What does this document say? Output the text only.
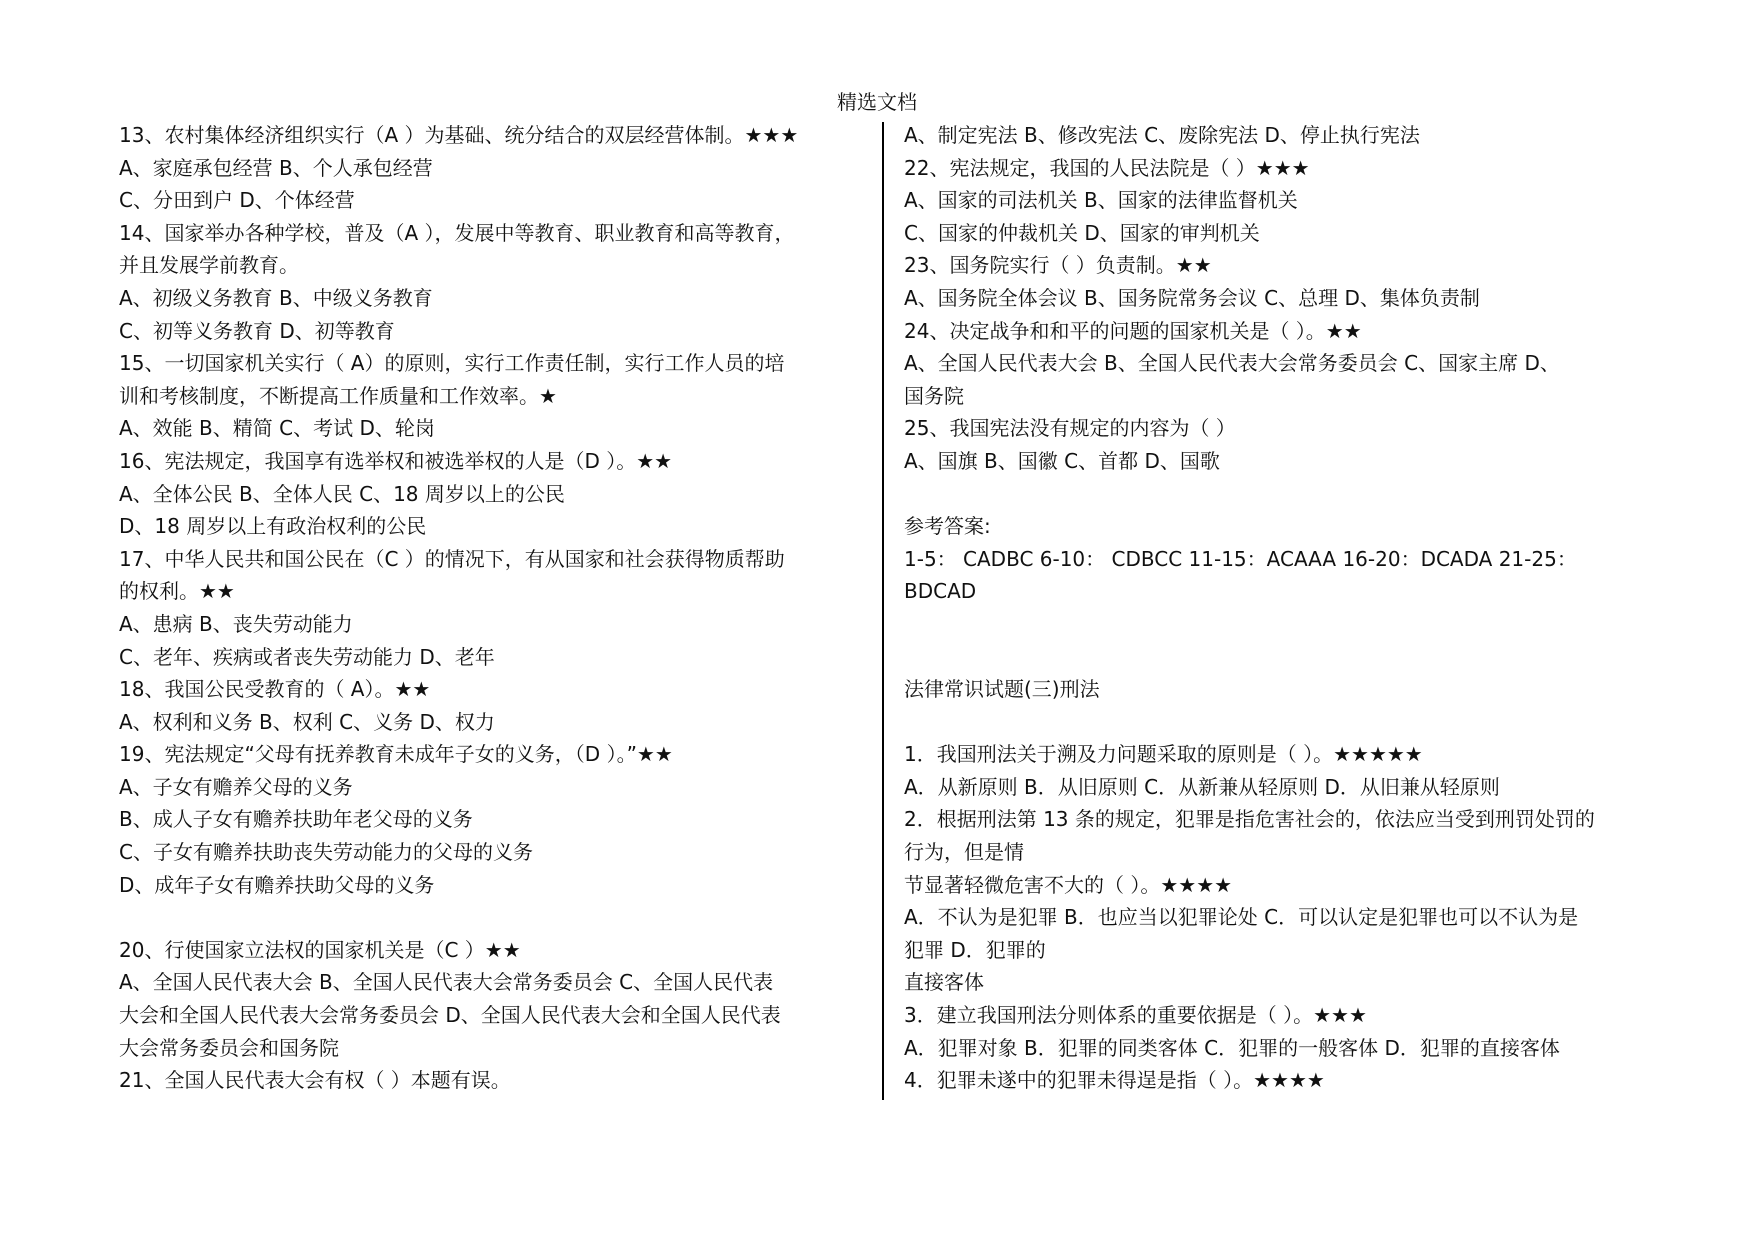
精选文档
13、农村集体经济组织实行（A ）为基础、统分结合的双层经营体制。★★★
A、家庭承包经营 B、个人承包经营
C、分田到户 D、个体经营
14、国家举办各种学校，普及（A ），发展中等教育、职业教育和高等教育，
并且发展学前教育。
A、初级义务教育 B、中级义务教育
C、初等义务教育 D、初等教育
15、一切国家机关实行（ A）的原则，实行工作责任制，实行工作人员的培
训和考核制度，不断提高工作质量和工作效率。★
A、效能 B、精简 C、考试 D、轮岗
16、宪法规定，我国享有选举权和被选举权的人是（D ）。★★
A、全体公民 B、全体人民 C、18 周岁以上的公民
D、18 周岁以上有政治权利的公民
17、中华人民共和国公民在（C ）的情况下，有从国家和社会获得物质帮助
的权利。★★
A、患病 B、丧失劳动能力
C、老年、疾病或者丧失劳动能力 D、老年
18、我国公民受教育的（ A）。★★
A、权利和义务 B、权利 C、义务 D、权力
19、宪法规定“父母有抚养教育未成年子女的义务，（D ）。”★★
A、子女有赡养父母的义务
B、成人子女有赡养扶助年老父母的义务
C、子女有赡养扶助丧失劳动能力的父母的义务
D、成年子女有赡养扶助父母的义务
20、行使国家立法权的国家机关是（C ）★★
A、全国人民代表大会 B、全国人民代表大会常务委员会 C、全国人民代表
大会和全国人民代表大会常务委员会 D、全国人民代表大会和全国人民代表
大会常务委员会和国务院
21、全国人民代表大会有权（ ）本题有误。
A、制定宪法 B、修改宪法 C、废除宪法 D、停止执行宪法
22、宪法规定，我国的人民法院是（ ）★★★
A、国家的司法机关 B、国家的法律监督机关
C、国家的仲裁机关 D、国家的审判机关
23、国务院实行（ ）负责制。★★
A、国务院全体会议 B、国务院常务会议 C、总理 D、集体负责制
24、决定战争和和平的问题的国家机关是（ ）。★★
A、全国人民代表大会 B、全国人民代表大会常务委员会 C、国家主席 D、
国务院
25、我国宪法没有规定的内容为（ ）
A、国旗 B、国徽 C、首都 D、国歌
参考答案:
1-5： CADBC 6-10： CDBCC 11-15：ACAAA 16-20：DCADA 21-25：
BDCAD
法律常识试题(三)刑法
1．我国刑法关于溯及力问题采取的原则是（ ）。★★★★★
A．从新原则 B．从旧原则 C．从新兼从轻原则 D．从旧兼从轻原则
2．根据刑法第 13 条的规定，犯罪是指危害社会的，依法应当受到刑罚处罚的
行为，但是情
节显著轻微危害不大的（ ）。★★★★
A．不认为是犯罪 B．也应当以犯罪论处 C．可以认定是犯罪也可以不认为是
犯罪 D．犯罪的
直接客体
3．建立我国刑法分则体系的重要依据是（ ）。★★★
A．犯罪对象 B．犯罪的同类客体 C．犯罪的一般客体 D．犯罪的直接客体
4．犯罪未遂中的犯罪未得逞是指（ ）。★★★★
